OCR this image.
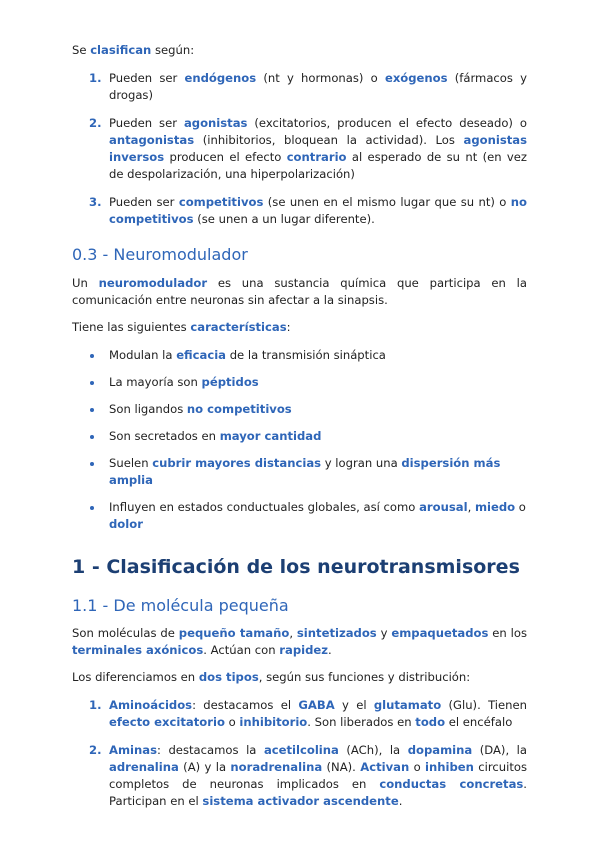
Se clasifican según:

1. Pueden ser endógenos (nt y hormonas) o exógenos (fármacos y drogas)
2. Pueden ser agonistas (excitatorios, producen el efecto deseado) o antagonistas (inhibitorios, bloquean la actividad). Los agonistas inversos producen el efecto contrario al esperado de su nt (en vez de despolarización, una hiperpolarización)
3. Pueden ser competitivos (se unen en el mismo lugar que su nt) o no competitivos (se unen a un lugar diferente).
0.3 - Neuromodulador

Un neuromodulador es una sustancia química que participa en la comunicación entre neuronas sin afectar a la sinapsis.

Tiene las siguientes características:

Modulan la eficacia de la transmisión sináptica
La mayoría son péptidos
Son ligandos no competitivos
Son secretados en mayor cantidad
Suelen cubrir mayores distancias y logran una dispersión más amplia
Influyen en estados conductuales globales, así como arousal, miedo o dolor
1 - Clasificación de los neurotransmisores
1.1 - De molécula pequeña

Son moléculas de pequeño tamaño, sintetizados y empaquetados en los terminales axónicos. Actúan con rapidez.

Los diferenciamos en dos tipos, según sus funciones y distribución:

1. Aminoácidos: destacamos el GABA y el glutamato (Glu). Tienen efecto excitatorio o inhibitorio. Son liberados en todo el encéfalo
2. Aminas: destacamos la acetilcolina (ACh), la dopamina (DA), la adrenalina (A) y la noradrenalina (NA). Activan o inhiben circuitos completos de neuronas implicados en conductas concretas. Participan en el sistema activador ascendente.
